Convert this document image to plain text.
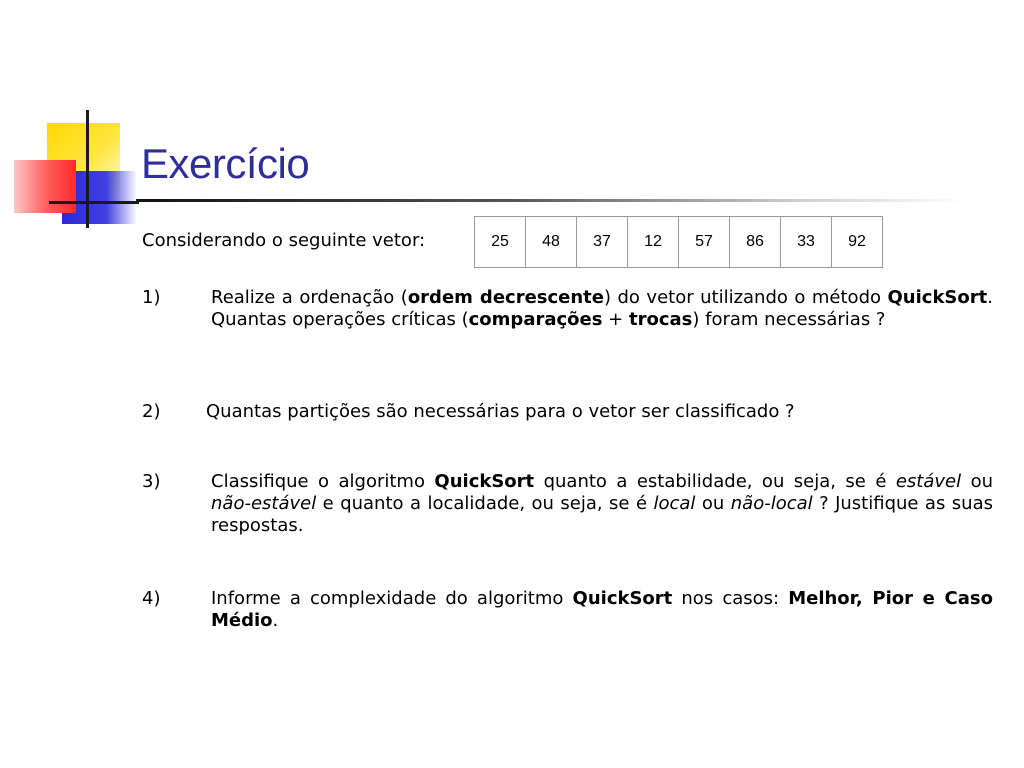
Exercício
Considerando o seguinte vetor:	25	48	37	12	57	86	33	92
1)	Realize a ordenação (ordem decrescente) do vetor utilizando o método QuickSort. Quantas operações críticas (comparações + trocas) foram necessárias ?
2)	Quantas partições são necessárias para o vetor ser classificado ?
3)	Classifique o algoritmo QuickSort quanto a estabilidade, ou seja, se é estável ou não-estável e quanto a localidade, ou seja, se é local ou não-local ? Justifique as suas respostas.
4)	Informe a complexidade do algoritmo QuickSort nos casos: Melhor, Pior e Caso Médio.
